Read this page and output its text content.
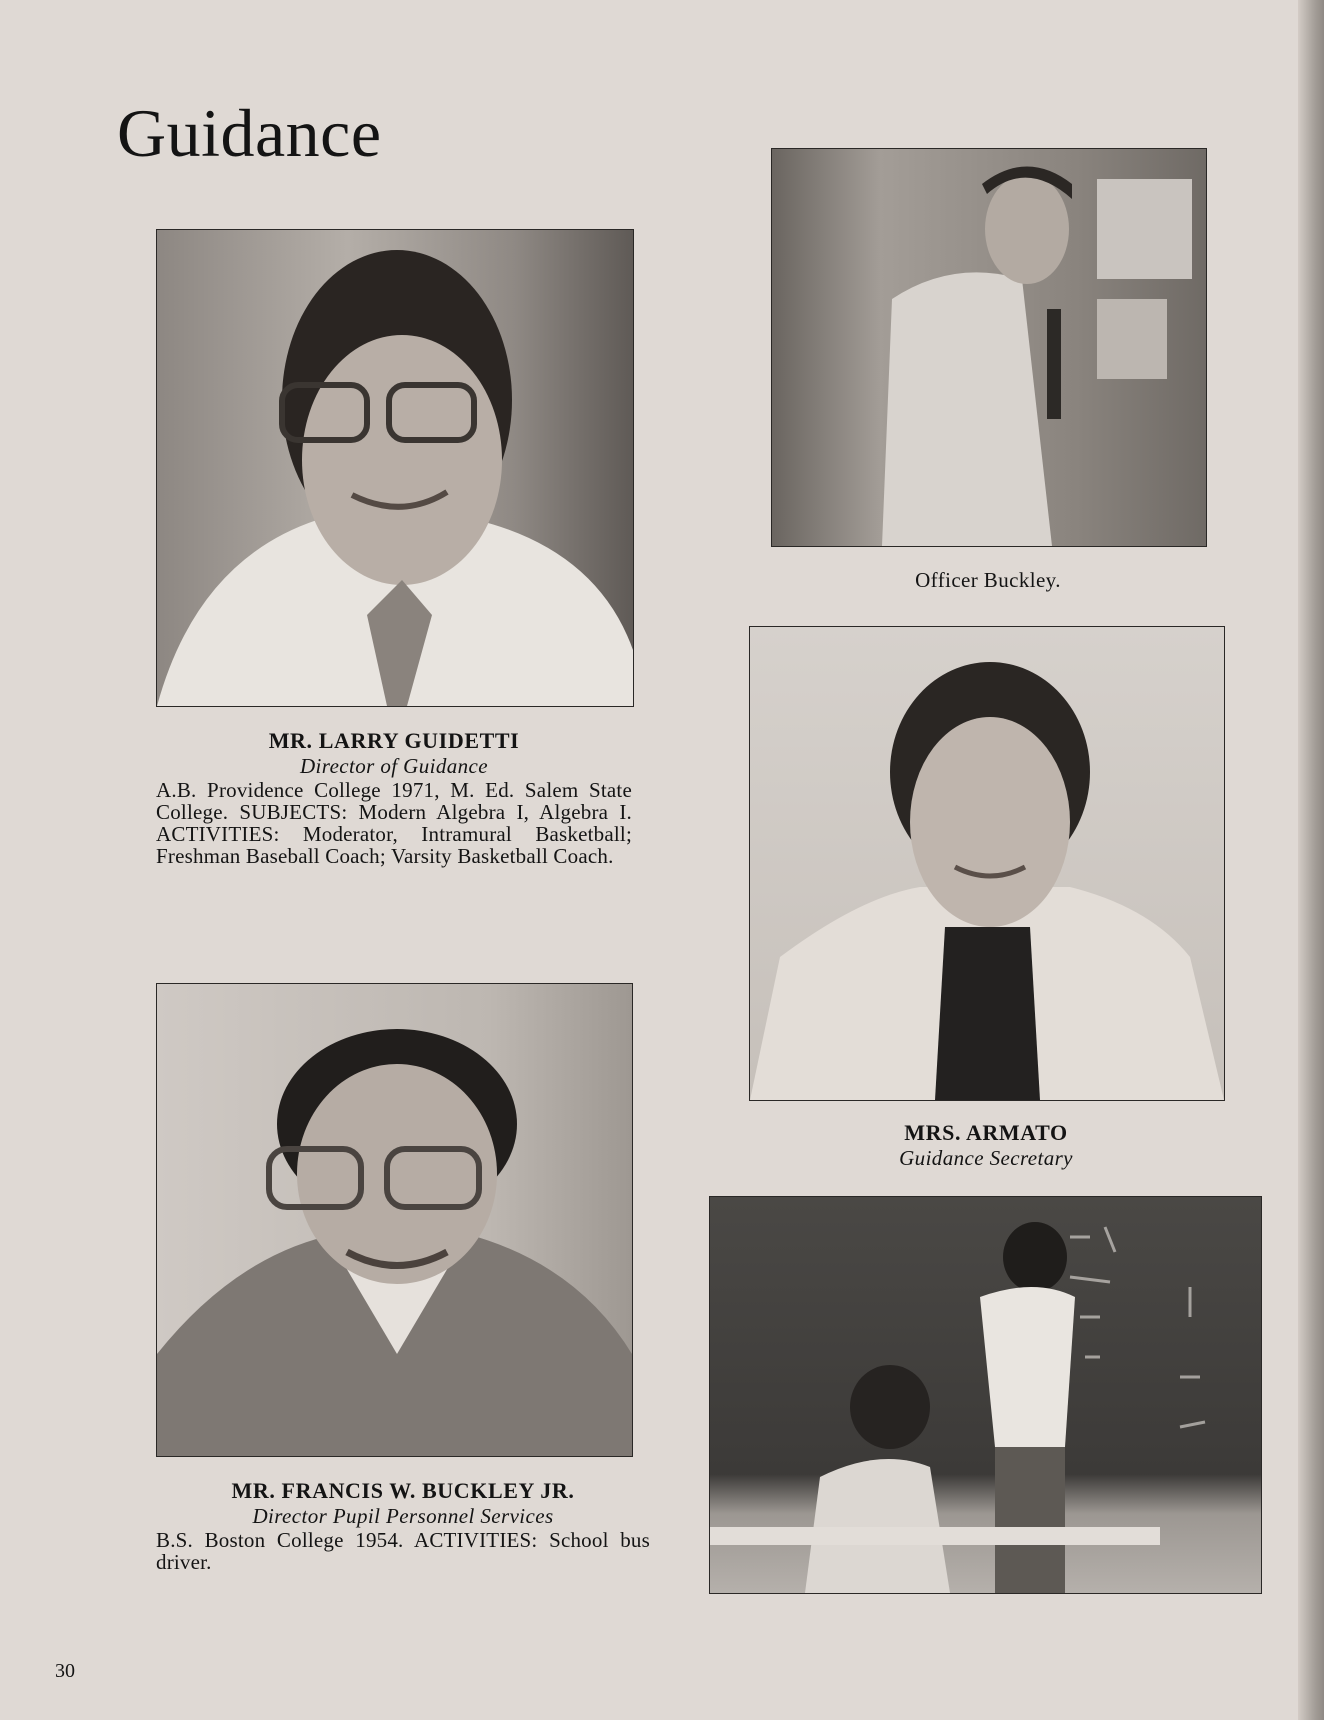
Guidance
MR. LARRY GUIDETTI
Director of Guidance
A.B. Providence College 1971, M. Ed. Salem State College. SUBJECTS: Modern Algebra I, Algebra I. ACTIVITIES: Moderator, Intramural Basketball; Freshman Baseball Coach; Varsity Basketball Coach.
Officer Buckley.
MRS. ARMATO
Guidance Secretary
MR. FRANCIS W. BUCKLEY JR.
Director Pupil Personnel Services
B.S. Boston College 1954. ACTIVITIES: School bus driver.
30
